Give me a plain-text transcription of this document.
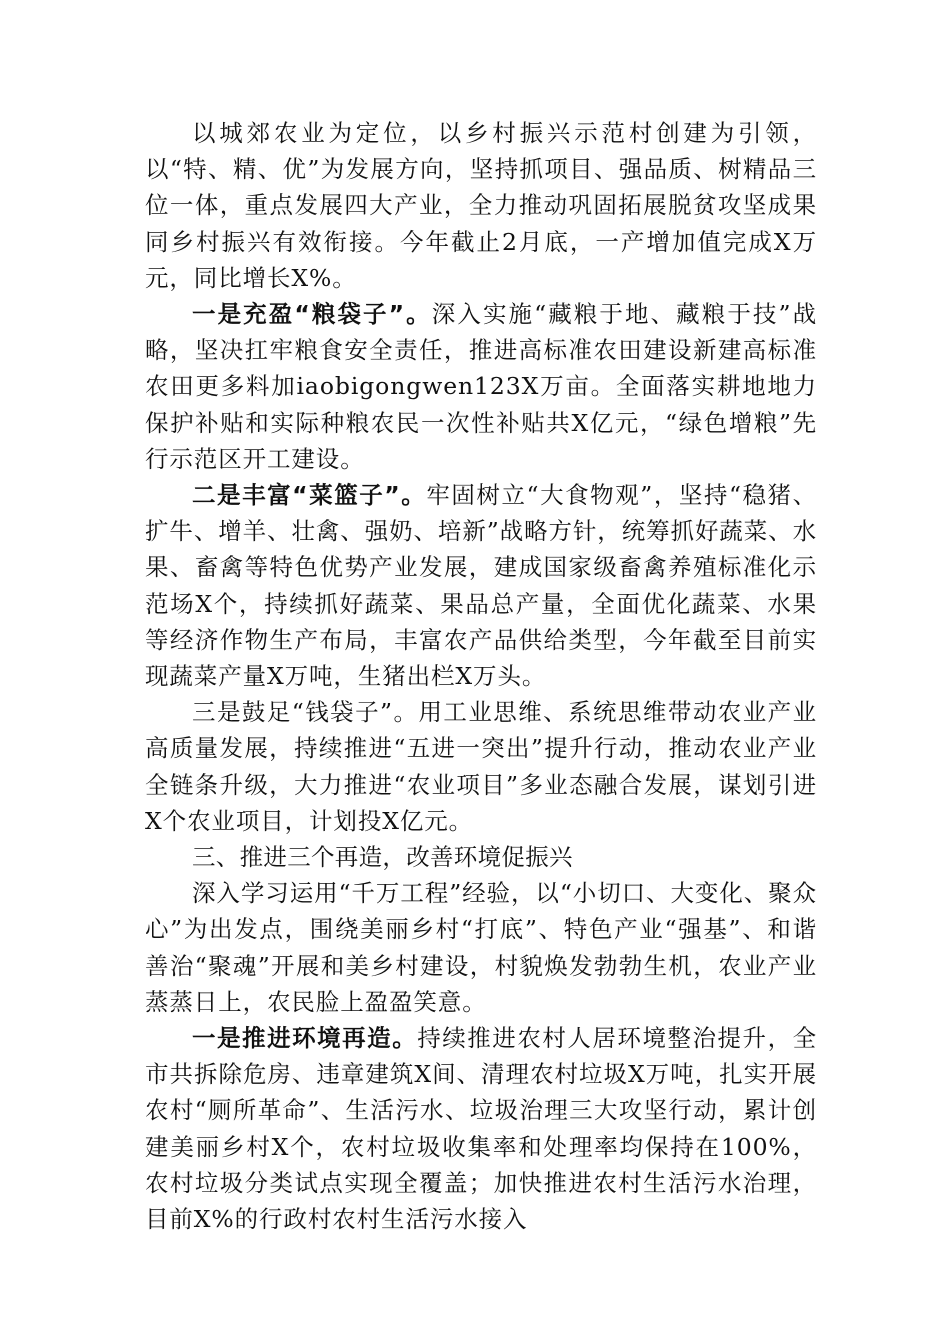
以城郊农业为定位，以乡村振兴示范村创建为引领，以“特、精、优”为发展方向，坚持抓项目、强品质、树精品三位一体，重点发展四大产业，全力推动巩固拓展脱贫攻坚成果同乡村振兴有效衔接。今年截止2月底，一产增加值完成X万元，同比增长X%。

一是充盈“粮袋子”。深入实施“藏粮于地、藏粮于技”战略，坚决扛牢粮食安全责任，推进高标准农田建设新建高标准农田更多料加iaobigongwen123X万亩。全面落实耕地地力保护补贴和实际种粮农民一次性补贴共X亿元，“绿色增粮”先行示范区开工建设。

二是丰富“菜篮子”。牢固树立“大食物观”，坚持“稳猪、扩牛、增羊、壮禽、强奶、培新”战略方针，统筹抓好蔬菜、水果、畜禽等特色优势产业发展，建成国家级畜禽养殖标准化示范场X个，持续抓好蔬菜、果品总产量，全面优化蔬菜、水果等经济作物生产布局，丰富农产品供给类型，今年截至目前实现蔬菜产量X万吨，生猪出栏X万头。

三是鼓足“钱袋子”。用工业思维、系统思维带动农业产业高质量发展，持续推进“五进一突出”提升行动，推动农业产业全链条升级，大力推进“农业项目”多业态融合发展，谋划引进X个农业项目，计划投X亿元。

三、推进三个再造，改善环境促振兴

深入学习运用“千万工程”经验，以“小切口、大变化、聚众心”为出发点，围绕美丽乡村“打底”、特色产业“强基”、和谐善治“聚魂”开展和美乡村建设，村貌焕发勃勃生机，农业产业蒸蒸日上，农民脸上盈盈笑意。

一是推进环境再造。持续推进农村人居环境整治提升，全市共拆除危房、违章建筑X间、清理农村垃圾X万吨，扎实开展农村“厕所革命”、生活污水、垃圾治理三大攻坚行动，累计创建美丽乡村X个，农村垃圾收集率和处理率均保持在100%，农村垃圾分类试点实现全覆盖；加快推进农村生活污水治理，目前X%的行政村农村生活污水接入
